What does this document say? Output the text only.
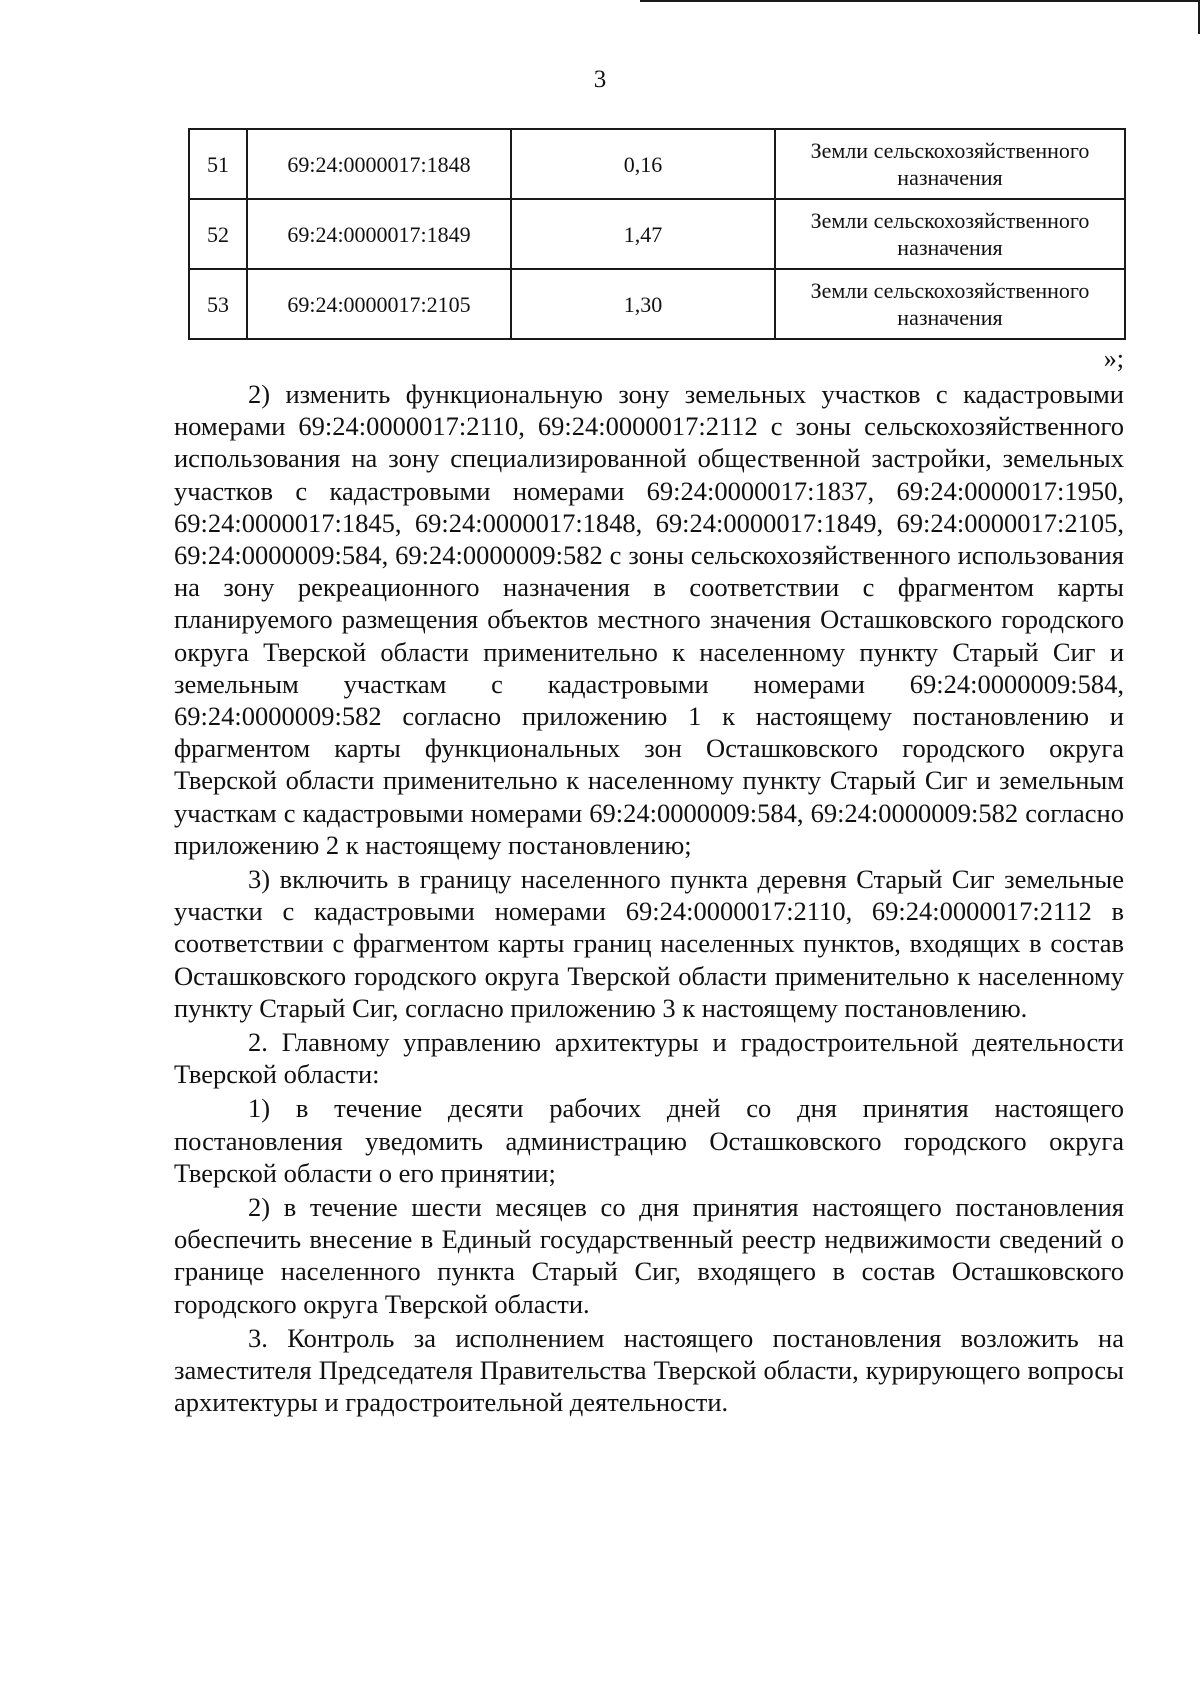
3
51	69:24:0000017:1848	0,16	Земли сельскохозяйственного назначения
52	69:24:0000017:1849	1,47	Земли сельскохозяйственного назначения
53	69:24:0000017:2105	1,30	Земли сельскохозяйственного назначения
»;

2) изменить функциональную зону земельных участков с кадастровыми номерами 69:24:0000017:2110, 69:24:0000017:2112 с зоны сельскохозяйственного использования на зону специализированной общественной застройки, земельных участков с кадастровыми номерами 69:24:0000017:1837, 69:24:0000017:1950, 69:24:0000017:1845, 69:24:0000017:1848, 69:24:0000017:1849, 69:24:0000017:2105, 69:24:0000009:584, 69:24:0000009:582 с зоны сельскохозяйственного использования на зону рекреационного назначения в соответствии с фрагментом карты планируемого размещения объектов местного значения Осташковского городского округа Тверской области применительно к населенному пункту Старый Сиг и земельным участкам с кадастровыми номерами 69:24:0000009:584, 69:24:0000009:582 согласно приложению 1 к настоящему постановлению и фрагментом карты функциональных зон Осташковского городского округа Тверской области применительно к населенному пункту Старый Сиг и земельным участкам с кадастровыми номерами 69:24:0000009:584, 69:24:0000009:582 согласно приложению 2 к настоящему постановлению;

3) включить в границу населенного пункта деревня Старый Сиг земельные участки с кадастровыми номерами 69:24:0000017:2110, 69:24:0000017:2112 в соответствии с фрагментом карты границ населенных пунктов, входящих в состав Осташковского городского округа Тверской области применительно к населенному пункту Старый Сиг, согласно приложению 3 к настоящему постановлению.

2. Главному управлению архитектуры и градостроительной деятельности Тверской области:

1) в течение десяти рабочих дней со дня принятия настоящего постановления уведомить администрацию Осташковского городского округа Тверской области о его принятии;

2) в течение шести месяцев со дня принятия настоящего постановления обеспечить внесение в Единый государственный реестр недвижимости сведений о границе населенного пункта Старый Сиг, входящего в состав Осташковского городского округа Тверской области.

3. Контроль за исполнением настоящего постановления возложить на заместителя Председателя Правительства Тверской области, курирующего вопросы архитектуры и градостроительной деятельности.
